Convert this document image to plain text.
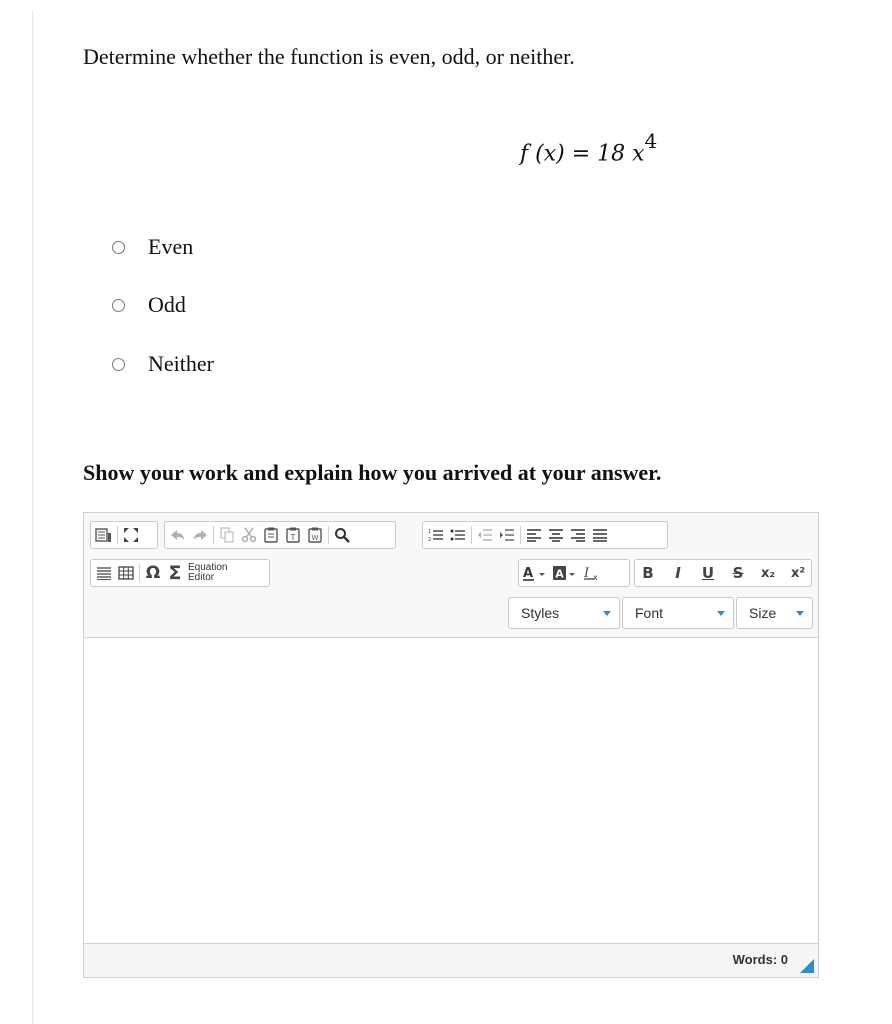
Determine whether the function is even, odd, or neither.
f (x) = 18 $x^4$
Even
Odd
Neither
Show your work and explain how you arrived at your answer.
T W
1
2
Ω Σ Equation
Editor	A A I x	B	I	U	S	x₂	x²
Styles	Font	Size
Words: 0
